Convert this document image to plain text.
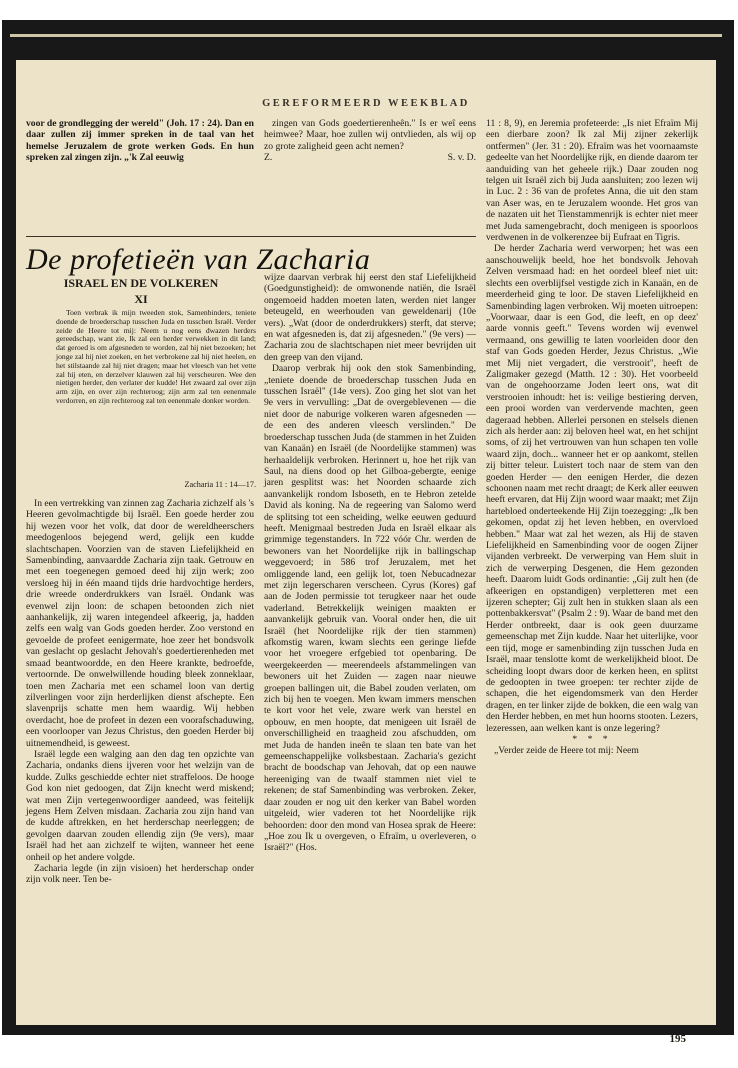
GEREFORMEERD WEEKBLAD

voor de grondlegging der wereld" (Joh. 17 : 24). Dan en daar zullen zij immer spreken in de taal van het hemelse Jeruzalem de grote werken Gods. En hun spreken zal zingen zijn. „'k Zal eeuwig

zingen van Gods goedertierenheên." Is er weî eens heimwee? Maar, hoe zullen wij ontvlieden, als wij op zo grote zaligheid geen acht nemen?

Z.	S. v. D.
De profetieën van Zacharia
ISRAEL EN DE VOLKEREN
XI

Toen verbrak ik mijn tweeden stok, Samenbinders, teniete doende de broederschap tusschen Juda en tusschen Israël. Verder zeide de Heere tot mij: Neem u nog eens dwazen herders gereedschap, want zie, Ik zal een herder verwekken in dit land; dat geroed is om afgesneden te worden, zal hij niet bezoeken; het jonge zal hij niet zoeken, en het verbrokene zal hij niet heelen, en het stilstaande zal hij niet dragen; maar het vleesch van het vette zal hij eten, en derzelver klauwen zal hij verscheuren. Wee den nietigen herder, den verlater der kudde! Het zwaard zal over zijn arm zijn, en over zijn rechteroog; zijn arm zal ten eenenmale verdorren, en zijn rechteroog zal ten eenenmale donker worden.

Zacharia 11 : 14—17.

In een vertrekking van zinnen zag Zacharia zichzelf als 's Heeren gevolmachtigde bij Israël. Een goede herder zou hij wezen voor het volk, dat door de wereldheerschers meedogenloos bejegend werd, gelijk een kudde slachtschapen. Voorzien van de staven Liefelijkheid en Samenbinding, aanvaardde Zacharia zijn taak. Getrouw en met een toegenegen gemoed deed hij zijn werk; zoo versloeg hij in één maand tijds drie hardvochtige herders, drie wreede onderdrukkers van Israël. Ondank was evenwel zijn loon: de schapen betoonden zich niet aanhankelijk, zij waren integendeel afkeerig, ja, hadden zelfs een walg van Gods goeden herder. Zoo verstond en gevoelde de profeet eenigermate, hoe zeer het bondsvolk van geslacht op geslacht Jehovah's goedertierenheden met smaad beantwoordde, en den Heere krankte, bedroefde, vertoornde. De onwelwillende houding bleek zonneklaar, toen men Zacharia met een schamel loon van dertig zilverlingen voor zijn herderlijken dienst afschepte. Een slavenprijs schatte men hem waardig. Wij hebben overdacht, hoe de profeet in dezen een voorafschaduwing, een voorlooper van Jezus Christus, den goeden Herder bij uitnemendheid, is geweest.

Israël legde een walging aan den dag ten opzichte van Zacharia, ondanks diens ijveren voor het welzijn van de kudde. Zulks geschiedde echter niet straffeloos. De hooge God kon niet gedoogen, dat Zijn knecht werd miskend; wat men Zijn vertegenwoordiger aandeed, was feitelijk jegens Hem Zelven misdaan. Zacharia zou zijn hand van de kudde aftrekken, en het herderschap neerleggen; de gevolgen daarvan zouden ellendig zijn (9e vers), maar Israël had het aan zichzelf te wijten, wanneer het eene onheil op het andere volgde.

Zacharia legde (in zijn visioen) het herderschap onder zijn volk neer. Ten be-

wijze daarvan verbrak hij eerst den staf Liefelijkheid (Goedgunstigheid): de omwonende natiën, die Israël ongemoeid hadden moeten laten, werden niet langer beteugeld, en weerhouden van geweldenarij (10e vers). „Wat (door de onderdrukkers) sterft, dat sterve; en wat afgesneden is, dat zij afgesneden." (9e vers) — Zacharia zou de slachtschapen niet meer bevrijden uit den greep van den vijand.

Daarop verbrak hij ook den stok Samenbinding, „teniete doende de broederschap tusschen Juda en tusschen Israël" (14e vers). Zoo ging het slot van het 9e vers in vervulling: „Dat de overgeblevenen — die niet door de naburige volkeren waren afgesneden — de een des anderen vleesch verslinden." De broederschap tusschen Juda (de stammen in het Zuiden van Kanaän) en Israël (de Noordelijke stammen) was herhaaldelijk verbroken. Herinnert u, hoe het rijk van Saul, na diens dood op het Gilboa-gebergte, eenige jaren gesplitst was: het Noorden schaarde zich aanvankelijk rondom Isboseth, en te Hebron zetelde David als koning. Na de regeering van Salomo werd de splitsing tot een scheiding, welke eeuwen geduurd heeft. Menigmaal bestreden Juda en Israël elkaar als grimmige tegenstanders. In 722 vóór Chr. werden de bewoners van het Noordelijke rijk in ballingschap weggevoerd; in 586 trof Jeruzalem, met het omliggende land, een gelijk lot, toen Nebucadnezar met zijn legerscharen verscheen. Cyrus (Kores) gaf aan de Joden permissie tot terugkeer naar het oude vaderland. Betrekkelijk weinigen maakten er aanvankelijk gebruik van. Vooral onder hen, die uit Israël (het Noordelijke rijk der tien stammen) afkomstig waren, kwam slechts een geringe liefde voor het vroegere erfgebied tot openbaring. De weergekeerden — meerendeels afstammelingen van bewoners uit het Zuiden — zagen naar nieuwe groepen ballingen uit, die Babel zouden verlaten, om zich bij hen te voegen. Men kwam immers menschen te kort voor het vele, zware werk van herstel en opbouw, en men hoopte, dat menigeen uit Israël de onverschilligheid en traagheid zou afschudden, om met Juda de handen ineên te slaan ten bate van het gemeenschappelijke volksbestaan. Zacharia's gezicht bracht de boodschap van Jehovah, dat op een nauwe hereeniging van de twaalf stammen niet viel te rekenen; de staf Samenbinding was verbroken. Zeker, daar zouden er nog uit den kerker van Babel worden uitgeleid, wier vaderen tot het Noordelijke rijk behoorden: door den mond van Hosea sprak de Heere: „Hoe zou Ik u overgeven, o Efraïm, u overleveren, o Israël?" (Hos.

11 : 8, 9), en Jeremia profeteerde: „Is niet Efraïm Mij een dierbare zoon? Ik zal Mij zijner zekerlijk ontfermen" (Jer. 31 : 20). Efraïm was het voornaamste gedeelte van het Noordelijke rijk, en diende daarom ter aanduiding van het geheele rijk.) Daar zouden nog telgen uit Israël zich bij Juda aansluiten; zoo lezen wij in Luc. 2 : 36 van de profetes Anna, die uit den stam van Aser was, en te Jeruzalem woonde. Het gros van de nazaten uit het Tienstammenrijk is echter niet meer met Juda samengebracht, doch menigeen is spoorloos verdwenen in de volkerenzee bij Eufraat en Tigris.

De herder Zacharia werd verworpen; het was een aanschouwelijk beeld, hoe het bondsvolk Jehovah Zelven versmaad had: en het oordeel bleef niet uit: slechts een overblijfsel vestigde zich in Kanaän, en de meerderheid ging te loor. De staven Liefelijkheid en Samenbinding lagen verbroken. Wij moeten uitroepen: „Voorwaar, daar is een God, die leeft, en op deez' aarde vonnis geeft." Tevens worden wij evenwel vermaand, ons gewillig te laten voorleiden door den staf van Gods goeden Herder, Jezus Christus. „Wie met Mij niet vergadert, die verstrooit", heeft de Zaligmaker gezegd (Matth. 12 : 30). Het voorbeeld van de ongehoorzame Joden leert ons, wat dit verstrooien inhoudt: het is: veilige bestiering derven, een prooi worden van verdervende machten, geen dageraad hebben. Allerlei personen en stelsels dienen zich als herder aan: zij beloven heel wat, en het schijnt soms, of zij het vertrouwen van hun schapen ten volle waard zijn, doch... wanneer het er op aankomt, stellen zij bitter teleur. Luistert toch naar de stem van den goeden Herder — den eenigen Herder, die dezen schoonen naam met recht draagt; de Kerk aller eeuwen heeft ervaren, dat Hij Zijn woord waar maakt; met Zijn hartebloed onderteekende Hij Zijn toezegging: „Ik ben gekomen, opdat zij het leven hebben, en overvloed hebben." Maar wat zal het wezen, als Hij de staven Liefelijkheid en Samenbinding voor de oogen Zijner vijanden verbreekt. De verwerping van Hem sluit in zich de verwerping Desgenen, die Hem gezonden heeft. Daarom luidt Gods ordinantie: „Gij zult hen (de afkeerigen en opstandigen) verpletteren met een ijzeren schepter; Gij zult hen in stukken slaan als een pottenbakkersvat" (Psalm 2 : 9). Waar de band met den Herder ontbreekt, daar is ook geen duurzame gemeenschap met Zijn kudde. Naar het uiterlijke, voor een tijd, moge er samenbinding zijn tusschen Juda en Israël, maar tenslotte komt de werkelijkheid bloot. De scheiding loopt dwars door de kerken heen, en splitst de gedoopten in twee groepen: ter rechter zijde de schapen, die het eigendomsmerk van den Herder dragen, en ter linker zijde de bokken, die een walg van den Herder hebben, en met hun hoorns stooten. Lezers, lezeressen, aan welken kant is onze legering?

* * *

„Verder zeide de Heere tot mij: Neem

195
